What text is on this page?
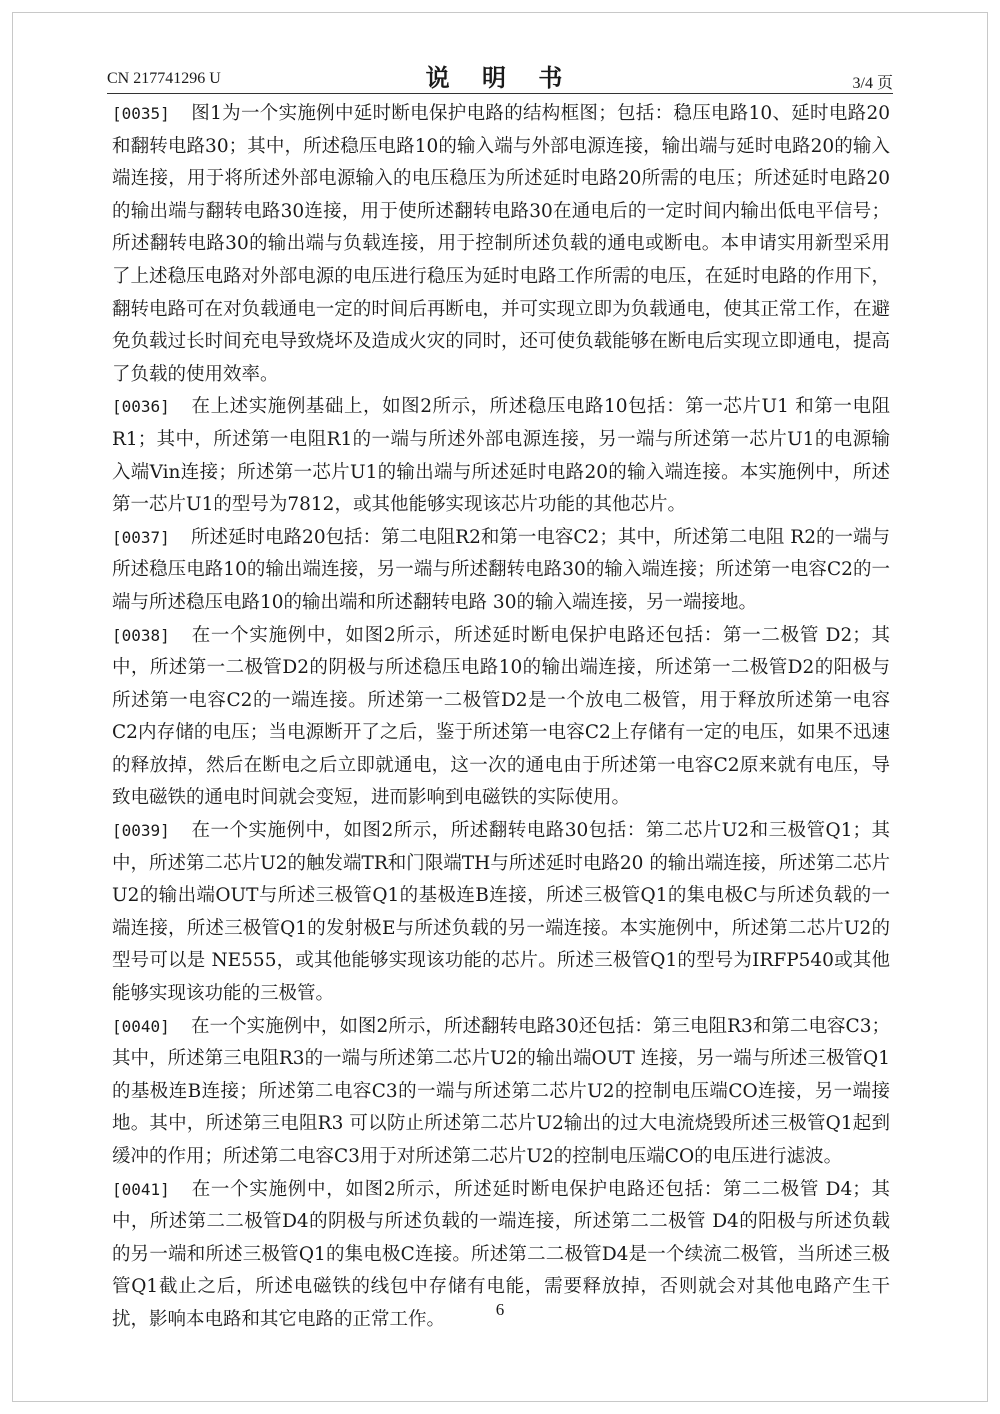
CN 217741296 U	说 明 书	3/4 页

[0035] 图1为一个实施例中延时断电保护电路的结构框图；包括：稳压电路10、延时电路20和翻转电路30；其中，所述稳压电路10的输入端与外部电源连接，输出端与延时电路20的输入端连接，用于将所述外部电源输入的电压稳压为所述延时电路20所需的电压；所述延时电路20的输出端与翻转电路30连接，用于使所述翻转电路30在通电后的一定时间内输出低电平信号；所述翻转电路30的输出端与负载连接，用于控制所述负载的通电或断电。本申请实用新型采用了上述稳压电路对外部电源的电压进行稳压为延时电路工作所需的电压，在延时电路的作用下，翻转电路可在对负载通电一定的时间后再断电，并可实现立即为负载通电，使其正常工作，在避免负载过长时间充电导致烧坏及造成火灾的同时，还可使负载能够在断电后实现立即通电，提高了负载的使用效率。

[0036] 在上述实施例基础上，如图2所示，所述稳压电路10包括：第一芯片U1 和第一电阻R1；其中，所述第一电阻R1的一端与所述外部电源连接，另一端与所述第一芯片U1的电源输入端Vin连接；所述第一芯片U1的输出端与所述延时电路20的输入端连接。本实施例中，所述第一芯片U1的型号为7812，或其他能够实现该芯片功能的其他芯片。

[0037] 所述延时电路20包括：第二电阻R2和第一电容C2；其中，所述第二电阻 R2的一端与所述稳压电路10的输出端连接，另一端与所述翻转电路30的输入端连接；所述第一电容C2的一端与所述稳压电路10的输出端和所述翻转电路 30的输入端连接，另一端接地。

[0038] 在一个实施例中，如图2所示，所述延时断电保护电路还包括：第一二极管 D2；其中，所述第一二极管D2的阴极与所述稳压电路10的输出端连接，所述第一二极管D2的阳极与所述第一电容C2的一端连接。所述第一二极管D2是一个放电二极管，用于释放所述第一电容C2内存储的电压；当电源断开了之后，鉴于所述第一电容C2上存储有一定的电压，如果不迅速的释放掉，然后在断电之后立即就通电，这一次的通电由于所述第一电容C2原来就有电压，导致电磁铁的通电时间就会变短，进而影响到电磁铁的实际使用。

[0039] 在一个实施例中，如图2所示，所述翻转电路30包括：第二芯片U2和三极管Q1；其中，所述第二芯片U2的触发端TR和门限端TH与所述延时电路20 的输出端连接，所述第二芯片U2的输出端OUT与所述三极管Q1的基极连B连接，所述三极管Q1的集电极C与所述负载的一端连接，所述三极管Q1的发射极E与所述负载的另一端连接。本实施例中，所述第二芯片U2的型号可以是 NE555，或其他能够实现该功能的芯片。所述三极管Q1的型号为IRFP540或其他能够实现该功能的三极管。

[0040] 在一个实施例中，如图2所示，所述翻转电路30还包括：第三电阻R3和第二电容C3；其中，所述第三电阻R3的一端与所述第二芯片U2的输出端OUT 连接，另一端与所述三极管Q1的基极连B连接；所述第二电容C3的一端与所述第二芯片U2的控制电压端CO连接，另一端接地。其中，所述第三电阻R3 可以防止所述第二芯片U2输出的过大电流烧毁所述三极管Q1起到缓冲的作用；所述第二电容C3用于对所述第二芯片U2的控制电压端CO的电压进行滤波。

[0041] 在一个实施例中，如图2所示，所述延时断电保护电路还包括：第二二极管 D4；其中，所述第二二极管D4的阴极与所述负载的一端连接，所述第二二极管 D4的阳极与所述负载的另一端和所述三极管Q1的集电极C连接。所述第二二极管D4是一个续流二极管，当所述三极管Q1截止之后，所述电磁铁的线包中存储有电能，需要释放掉，否则就会对其他电路产生干扰，影响本电路和其它电路的正常工作。	6
